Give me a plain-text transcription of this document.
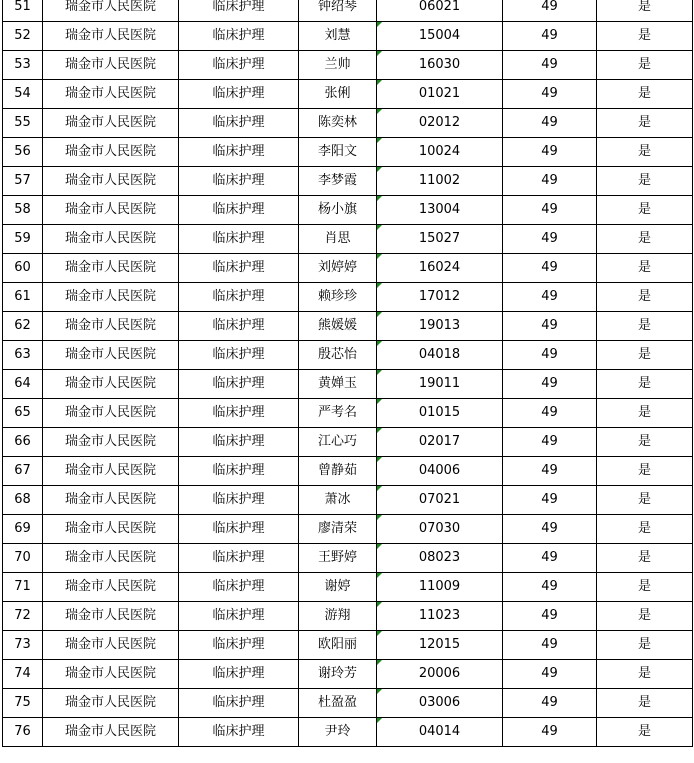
51	瑞金市人民医院	临床护理	钟绍琴	06021	49	是
52	瑞金市人民医院	临床护理	刘慧	15004	49	是
53	瑞金市人民医院	临床护理	兰帅	16030	49	是
54	瑞金市人民医院	临床护理	张俐	01021	49	是
55	瑞金市人民医院	临床护理	陈奕林	02012	49	是
56	瑞金市人民医院	临床护理	李阳文	10024	49	是
57	瑞金市人民医院	临床护理	李梦霞	11002	49	是
58	瑞金市人民医院	临床护理	杨小旗	13004	49	是
59	瑞金市人民医院	临床护理	肖思	15027	49	是
60	瑞金市人民医院	临床护理	刘婷婷	16024	49	是
61	瑞金市人民医院	临床护理	赖珍珍	17012	49	是
62	瑞金市人民医院	临床护理	熊媛媛	19013	49	是
63	瑞金市人民医院	临床护理	殷芯怡	04018	49	是
64	瑞金市人民医院	临床护理	黄婵玉	19011	49	是
65	瑞金市人民医院	临床护理	严考名	01015	49	是
66	瑞金市人民医院	临床护理	江心巧	02017	49	是
67	瑞金市人民医院	临床护理	曾静茹	04006	49	是
68	瑞金市人民医院	临床护理	萧冰	07021	49	是
69	瑞金市人民医院	临床护理	廖清荣	07030	49	是
70	瑞金市人民医院	临床护理	王野婷	08023	49	是
71	瑞金市人民医院	临床护理	谢婷	11009	49	是
72	瑞金市人民医院	临床护理	游翔	11023	49	是
73	瑞金市人民医院	临床护理	欧阳丽	12015	49	是
74	瑞金市人民医院	临床护理	谢玲芳	20006	49	是
75	瑞金市人民医院	临床护理	杜盈盈	03006	49	是
76	瑞金市人民医院	临床护理	尹玲	04014	49	是
